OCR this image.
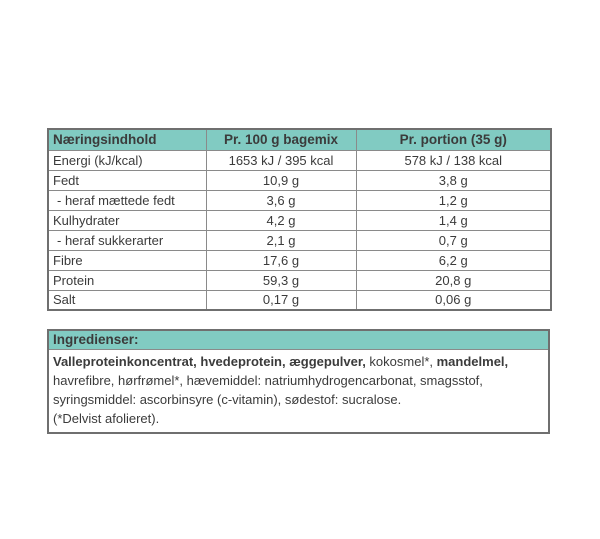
Næringsindhold	Pr. 100 g bagemix	Pr. portion (35 g)
Energi (kJ/kcal)	1653 kJ / 395 kcal	578 kJ / 138 kcal
Fedt	10,9 g	3,8 g
- heraf mættede fedt	3,6 g	1,2 g
Kulhydrater	4,2 g	1,4 g
- heraf sukkerarter	2,1 g	0,7 g
Fibre	17,6 g	6,2 g
Protein	59,3 g	20,8 g
Salt	0,17 g	0,06 g
Ingredienser:
Valleproteinkoncentrat, hvedeprotein, æggepulver, kokosmel*, mandelmel,
havrefibre, hørfrømel*, hævemiddel: natriumhydrogencarbonat, smagsstof,
syringsmiddel: ascorbinsyre (c-vitamin), sødestof: sucralose.
(*Delvist afolieret).
